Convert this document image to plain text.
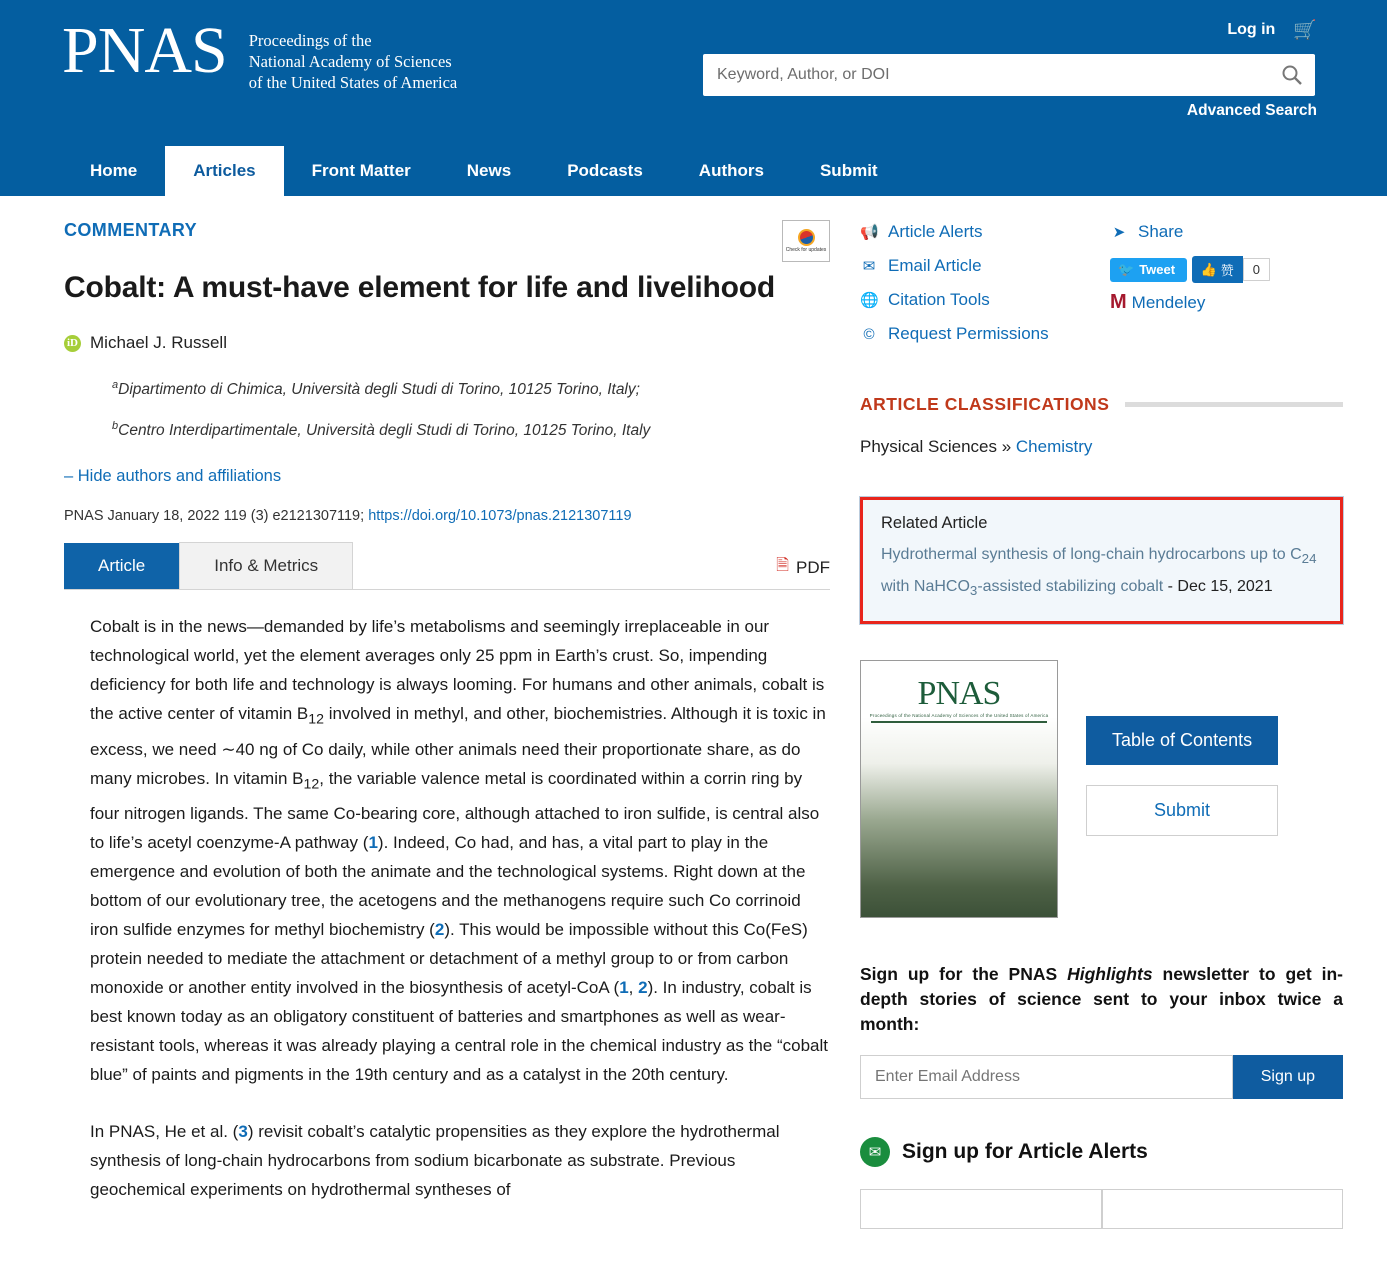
PNAS Proceedings of the
National Academy of Sciences
of the United States of America
Log in 🛒
Keyword, Author, or DOI
Advanced Search
Home	Articles	Front Matter	News	Podcasts	Authors	Submit
COMMENTARY
Check for updates
Cobalt: A must-have element for life and livelihood
iD Michael J. Russell
$^a$Dipartimento di Chimica, Università degli Studi di Torino, 10125 Torino, Italy;
$^b$Centro Interdipartimentale, Università degli Studi di Torino, 10125 Torino, Italy
– Hide authors and affiliations
PNAS January 18, 2022 119 (3) e2121307119; https://doi.org/10.1073/pnas.2121307119
Article	Info & Metrics	🗎 PDF

Cobalt is in the news—demanded by life’s metabolisms and seemingly irreplaceable in our technological world, yet the element averages only 25 ppm in Earth’s crust. So, impending deficiency for both life and technology is always looming. For humans and other animals, cobalt is the active center of vitamin $B_{12}$ involved in methyl, and other, biochemistries. Although it is toxic in excess, we need ∼40 ng of Co daily, while other animals need their proportionate share, as do many microbes. In vitamin $B_{12}$, the variable valence metal is coordinated within a corrin ring by four nitrogen ligands. The same Co-bearing core, although attached to iron sulfide, is central also to life’s acetyl coenzyme-A pathway (1). Indeed, Co had, and has, a vital part to play in the emergence and evolution of both the animate and the technological systems. Right down at the bottom of our evolutionary tree, the acetogens and the methanogens require such Co corrinoid iron sulfide enzymes for methyl biochemistry (2). This would be impossible without this Co(FeS) protein needed to mediate the attachment or detachment of a methyl group to or from carbon monoxide or another entity involved in the biosynthesis of acetyl-CoA (1, 2). In industry, cobalt is best known today as an obligatory constituent of batteries and smartphones as well as wear-resistant tools, whereas it was already playing a central role in the chemical industry as the “cobalt blue” of paints and pigments in the 19th century and as a catalyst in the 20th century.

In PNAS, He et al. (3) revisit cobalt’s catalytic propensities as they explore the hydrothermal synthesis of long-chain hydrocarbons from sodium bicarbonate as substrate. Previous geochemical experiments on hydrothermal syntheses of

📢 Article Alerts
✉ Email Article
🌐 Citation Tools
© Request Permissions
➤ Share
🐦 Tweet
👍 赞	0
M Mendeley
ARTICLE CLASSIFICATIONS
Physical Sciences » Chemistry
Related Article
Hydrothermal synthesis of long-chain hydrocarbons up to $C_{24}$ with NaHCO$_3$-assisted stabilizing cobalt - Dec 15, 2021
PNAS
Proceedings of the National Academy of Sciences of the United States of America
Table of Contents
Submit
Sign up for the PNAS Highlights newsletter to get in-depth stories of science sent to your inbox twice a month:
Enter Email Address
Sign up
✉ Sign up for Article Alerts
